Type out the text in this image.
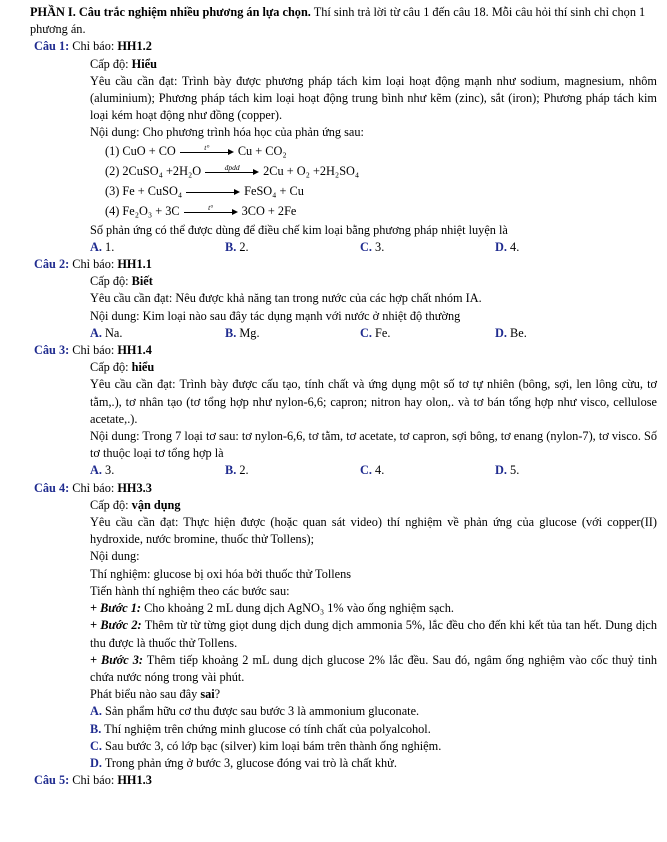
PHẦN I. Câu trắc nghiệm nhiều phương án lựa chọn. Thí sinh trả lời từ câu 1 đến câu 18. Mỗi câu hỏi thí sinh chỉ chọn 1 phương án.
Câu 1: Chỉ báo: HH1.2
Cấp độ: Hiểu
Yêu cầu cần đạt: Trình bày được phương pháp tách kim loại hoạt động mạnh như sodium, magnesium, nhôm (aluminium); Phương pháp tách kim loại hoạt động trung bình như kẽm (zinc), sắt (iron); Phương pháp tách kim loại kém hoạt động như đồng (copper).
Nội dung: Cho phương trình hóa học của phản ứng sau:
(1) CuO + CO	t°	Cu + CO₂
(2) 2CuSO₄ +2H₂O	đpdd	2Cu + O₂ +2H₂SO₄
(3) Fe + CuSO₄	FeSO₄ + Cu
(4) Fe₂O₃ + 3C	t°	3CO + 2Fe
Số phản ứng có thể được dùng để điều chế kim loại bằng phương pháp nhiệt luyện là
A. 1.	B. 2.	C. 3.	D. 4.
Câu 2: Chỉ báo: HH1.1
Cấp độ: Biết
Yêu cầu cần đạt: Nêu được khả năng tan trong nước của các hợp chất nhóm IA.
Nội dung: Kim loại nào sau đây tác dụng mạnh với nước ở nhiệt độ thường
A. Na.	B. Mg.	C. Fe.	D. Be.
Câu 3: Chỉ báo: HH1.4
Cấp độ: hiểu
Yêu cầu cần đạt: Trình bày được cấu tạo, tính chất và ứng dụng một số tơ tự nhiên (bông, sợi, len lông cừu, tơ tằm,.), tơ nhân tạo (tơ tổng hợp như nylon-6,6; capron; nitron hay olon,. và tơ bán tổng hợp như visco, cellulose acetate,.).
Nội dung: Trong 7 loại tơ sau: tơ nylon-6,6, tơ tằm, tơ acetate, tơ capron, sợi bông, tơ enang (nylon-7), tơ visco. Số tơ thuộc loại tơ tổng hợp là
A. 3.	B. 2.	C. 4.	D. 5.
Câu 4: Chỉ báo: HH3.3
Cấp độ: vận dụng
Yêu cầu cần đạt: Thực hiện được (hoặc quan sát video) thí nghiệm về phản ứng của glucose (với copper(II) hydroxide, nước bromine, thuốc thử Tollens);
Nội dung:
Thí nghiệm: glucose bị oxi hóa bởi thuốc thử Tollens
Tiến hành thí nghiệm theo các bước sau:
+ Bước 1: Cho khoảng 2 mL dung dịch AgNO₃ 1% vào ống nghiệm sạch.
+ Bước 2: Thêm từ từ từng giọt dung dịch dung dịch ammonia 5%, lắc đều cho đến khi kết tủa tan hết. Dung dịch thu được là thuốc thử Tollens.
+ Bước 3: Thêm tiếp khoảng 2 mL dung dịch glucose 2% lắc đều. Sau đó, ngâm ống nghiệm vào cốc thuỷ tinh chứa nước nóng trong vài phút.
Phát biểu nào sau đây sai?
A. Sản phẩm hữu cơ thu được sau bước 3 là ammonium gluconate.
B. Thí nghiệm trên chứng minh glucose có tính chất của polyalcohol.
C. Sau bước 3, có lớp bạc (silver) kim loại bám trên thành ống nghiệm.
D. Trong phản ứng ở bước 3, glucose đóng vai trò là chất khử.
Câu 5: Chỉ báo: HH1.3
